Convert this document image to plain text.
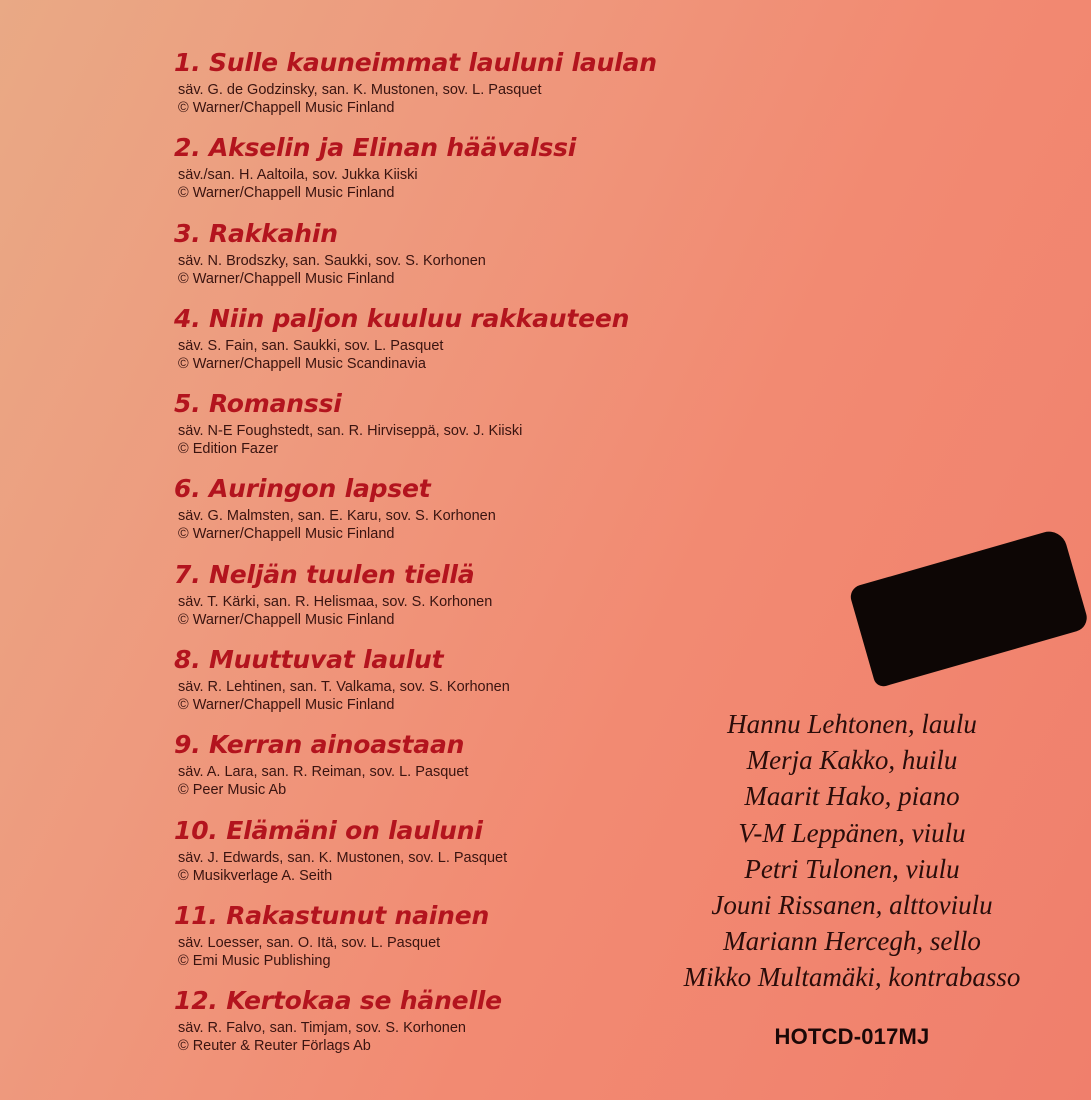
1. Sulle kauneimmat lauluni laulan
säv. G. de Godzinsky, san. K. Mustonen, sov. L. Pasquet
© Warner/Chappell Music Finland
2. Akselin ja Elinan häävalssi
säv./san. H. Aaltoila, sov. Jukka Kiiski
© Warner/Chappell Music Finland
3. Rakkahin
säv. N. Brodszky, san. Saukki, sov. S. Korhonen
© Warner/Chappell Music Finland
4. Niin paljon kuuluu rakkauteen
säv. S. Fain, san. Saukki, sov. L. Pasquet
© Warner/Chappell Music Scandinavia
5. Romanssi
säv. N-E Foughstedt, san. R. Hirviseppä, sov. J. Kiiski
© Edition Fazer
6. Auringon lapset
säv. G. Malmsten, san. E. Karu, sov. S. Korhonen
© Warner/Chappell Music Finland
7. Neljän tuulen tiellä
säv. T. Kärki, san. R. Helismaa, sov. S. Korhonen
© Warner/Chappell Music Finland
8. Muuttuvat laulut
säv. R. Lehtinen, san. T. Valkama, sov. S. Korhonen
© Warner/Chappell Music Finland
9. Kerran ainoastaan
säv. A. Lara, san. R. Reiman, sov. L. Pasquet
© Peer Music Ab
10. Elämäni on lauluni
säv. J. Edwards, san. K. Mustonen, sov. L. Pasquet
© Musikverlage A. Seith
11. Rakastunut nainen
säv. Loesser, san. O. Itä, sov. L. Pasquet
© Emi Music Publishing
12. Kertokaa se hänelle
säv. R. Falvo, san. Timjam, sov. S. Korhonen
© Reuter & Reuter Förlags Ab
Hannu Lehtonen, laulu
Merja Kakko, huilu
Maarit Hako, piano
V-M Leppänen, viulu
Petri Tulonen, viulu
Jouni Rissanen, alttoviulu
Mariann Hercegh, sello
Mikko Multamäki, kontrabasso
HOTCD-017MJ
